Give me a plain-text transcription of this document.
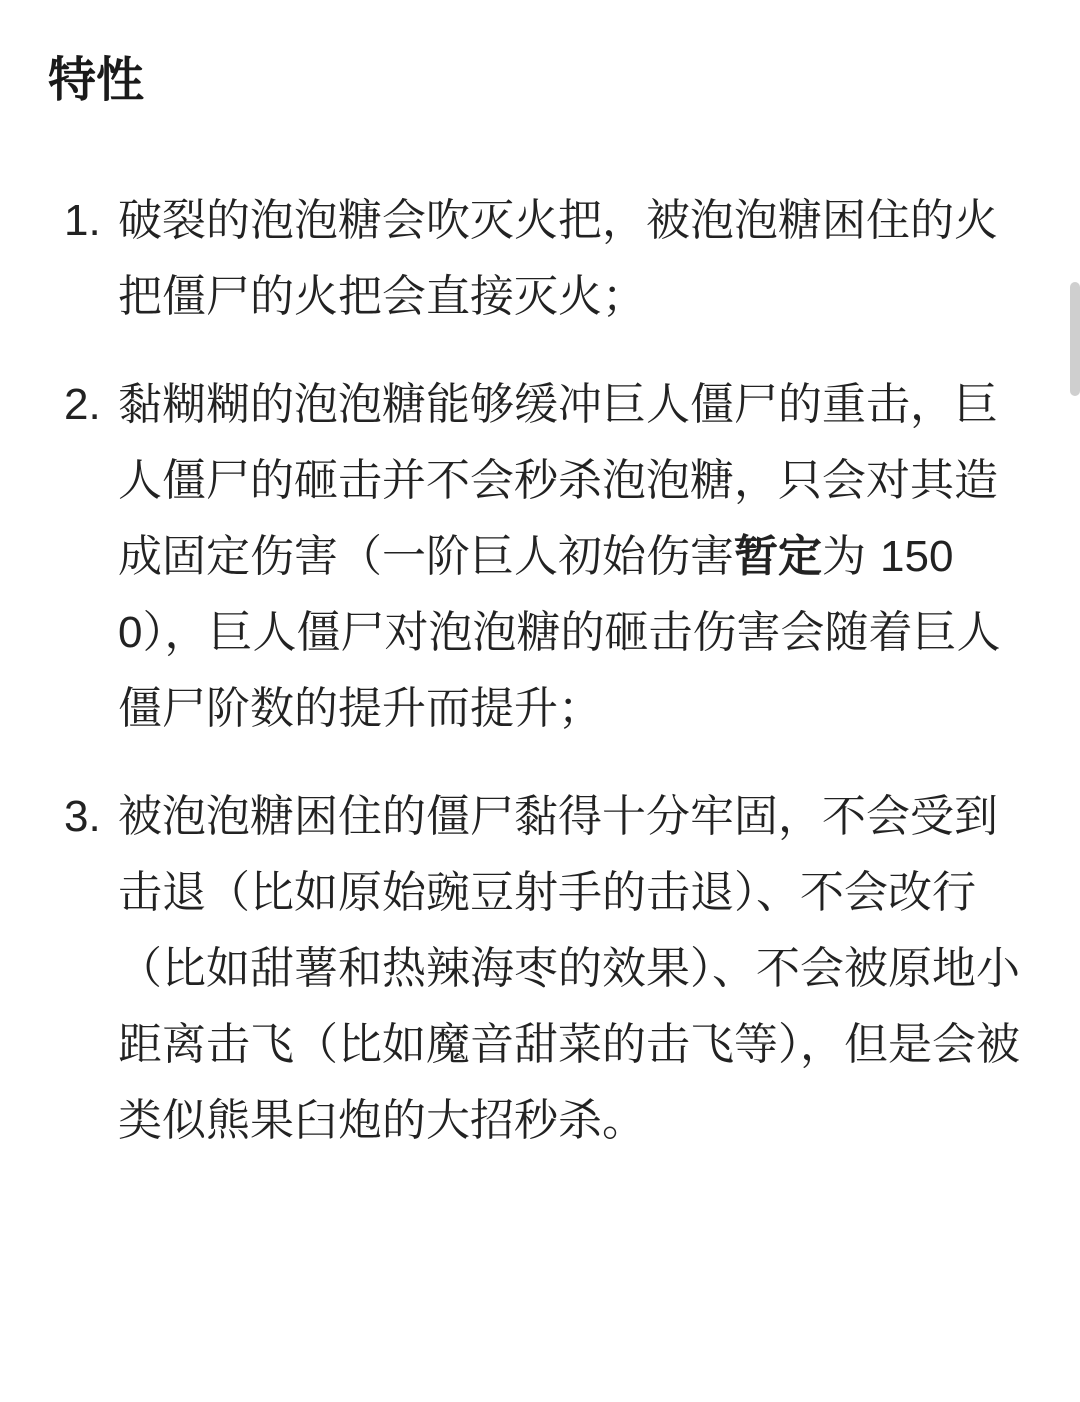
特性
1. 破裂的泡泡糖会吹灭火把，被泡泡糖困住的火把僵尸的火把会直接灭火；
2. 黏糊糊的泡泡糖能够缓冲巨人僵尸的重击，巨人僵尸的砸击并不会秒杀泡泡糖，只会对其造成固定伤害（一阶巨人初始伤害暂定为 1500），巨人僵尸对泡泡糖的砸击伤害会随着巨人僵尸阶数的提升而提升；
3. 被泡泡糖困住的僵尸黏得十分牢固，不会受到击退（比如原始豌豆射手的击退）、不会改行（比如甜薯和热辣海枣的效果）、不会被原地小距离击飞（比如魔音甜菜的击飞等），但是会被类似熊果臼炮的大招秒杀。
